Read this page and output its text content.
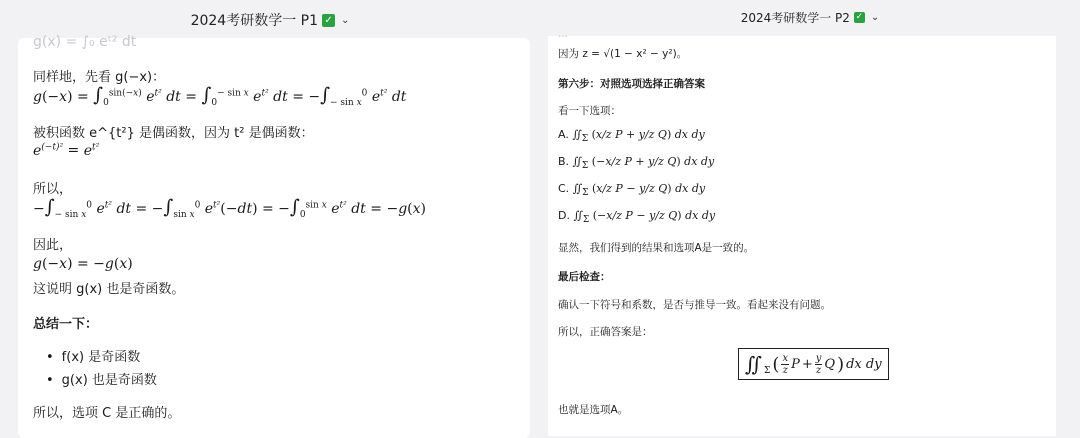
2024考研数学一 P1 ✓ ⌄
g(x) = ∫₀ eᵗ² dt
同样地，先看 g(−x)：
$g(-x) = \int_0^{sin(-x)}$ $e^{t^2}$ dt = $\int_0^{- sin x}$ $e^{t^2}$ dt = $-\int_{- sin x}^0$ $e^{t^2}$ dt
被积函数 e^{t²} 是偶函数，因为 t² 是偶函数：
$e^{(-t)^2} = e^{t^2}$
所以，
$-\int_{- sin x}^0$ $e^{t^2}$ dt = $-\int_{sin x}^0$ $e^{t^2}(-dt) = -\int_0^{sin x}$ $e^{t^2}$ dt = −g(x)
因此，
g(−x) = −g(x)
这说明 g(x) 也是奇函数。
总结一下：
• f(x) 是奇函数
• g(x) 也是奇函数
所以，选项 C 是正确的。
2024考研数学一 P2 ✓ ⌄
...
因为 z = √(1 − x² − y²)。
第六步：对照选项选择正确答案
看一下选项：
A. $∬_\Sigma$ (x/z P + y/z Q) dx dy
B. $∬_\Sigma$ (−x/z P + y/z Q) dx dy
C. $∬_\Sigma$ (x/z P − y/z Q) dx dy
D. $∬_\Sigma$ (−x/z P − y/z Q) dx dy
显然，我们得到的结果和选项A是一致的。
最后检查：
确认一下符号和系数，是否与推导一致。看起来没有问题。
所以，正确答案是：
$∬_\Sigma$ ( $\frac{x}{z}$ $P + \frac{y}{z}$ Q ) dx dy
也就是选项A。
